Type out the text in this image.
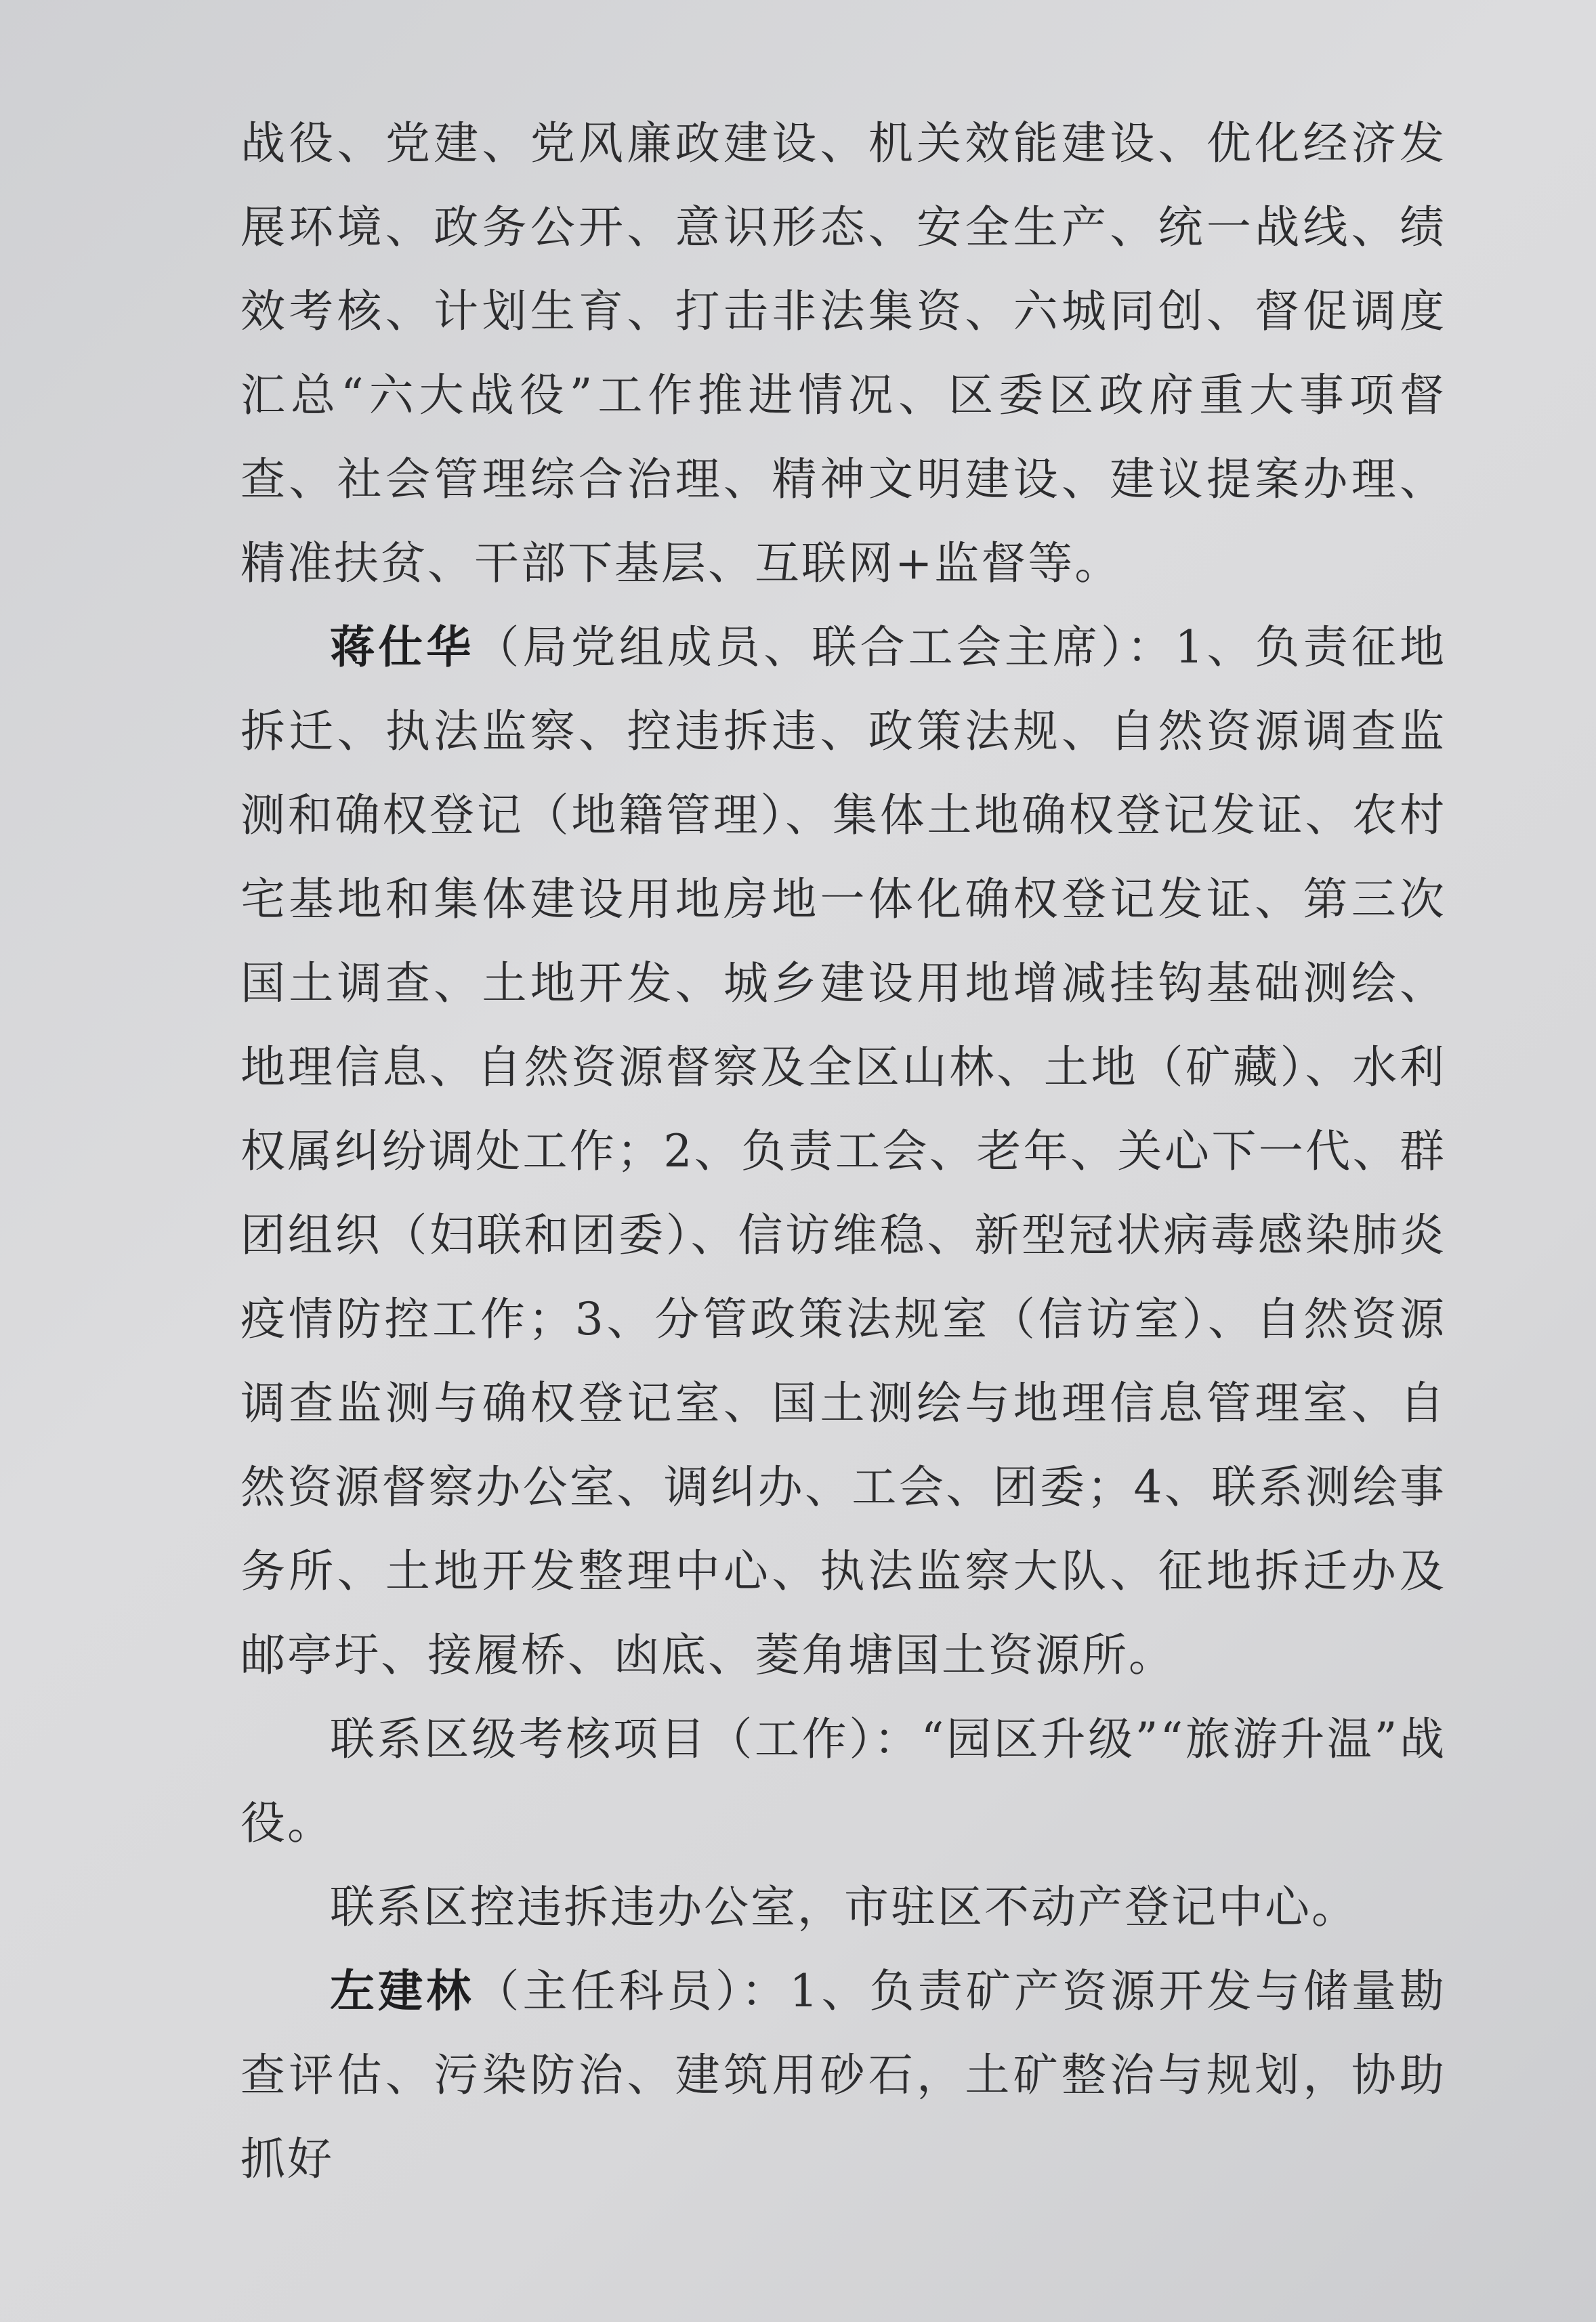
战役、党建、党风廉政建设、机关效能建设、优化经济发展环境、政务公开、意识形态、安全生产、统一战线、绩效考核、计划生育、打击非法集资、六城同创、督促调度汇总“六大战役”工作推进情况、区委区政府重大事项督查、社会管理综合治理、精神文明建设、建议提案办理、精准扶贫、干部下基层、互联网+监督等。

蒋仕华（局党组成员、联合工会主席）：1、负责征地拆迁、执法监察、控违拆违、政策法规、自然资源调查监测和确权登记（地籍管理）、集体土地确权登记发证、农村宅基地和集体建设用地房地一体化确权登记发证、第三次国土调查、土地开发、城乡建设用地增减挂钩基础测绘、地理信息、自然资源督察及全区山林、土地（矿藏）、水利权属纠纷调处工作；2、负责工会、老年、关心下一代、群团组织（妇联和团委）、信访维稳、新型冠状病毒感染肺炎疫情防控工作；3、分管政策法规室（信访室）、自然资源调查监测与确权登记室、国土测绘与地理信息管理室、自然资源督察办公室、调纠办、工会、团委；4、联系测绘事务所、土地开发整理中心、执法监察大队、征地拆迁办及邮亭圩、接履桥、凼底、菱角塘国土资源所。

联系区级考核项目（工作）：“园区升级”“旅游升温”战役。

联系区控违拆违办公室，市驻区不动产登记中心。

左建林（主任科员）：1、负责矿产资源开发与储量勘查评估、污染防治、建筑用砂石，土矿整治与规划，协助抓好
